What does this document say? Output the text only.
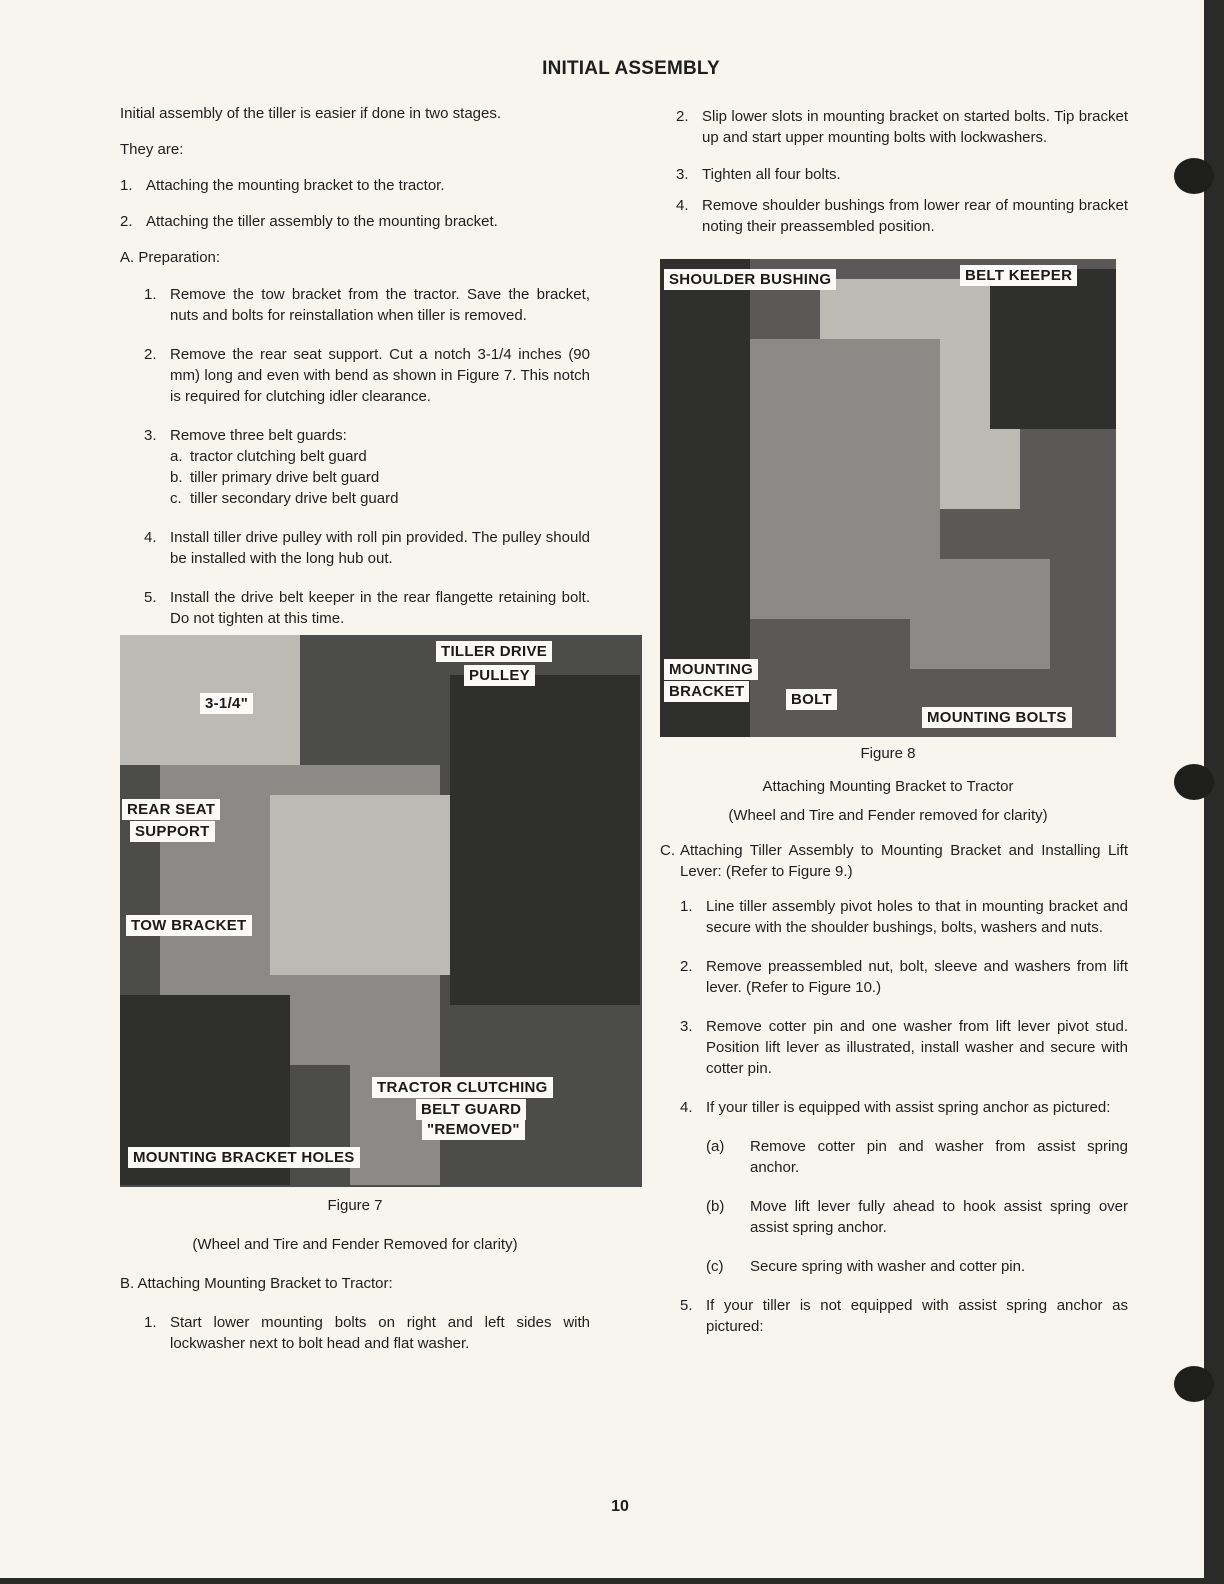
INITIAL ASSEMBLY

Initial assembly of the tiller is easier if done in two stages.

They are:

1. Attaching the mounting bracket to the tractor.
2. Attaching the tiller assembly to the mounting bracket.

A. Preparation:

1. Remove the tow bracket from the tractor. Save the bracket, nuts and bolts for reinstallation when tiller is removed.
2. Remove the rear seat support. Cut a notch 3-1/4 inches (90 mm) long and even with bend as shown in Figure 7. This notch is required for clutching idler clearance.
3. Remove three belt guards:
a. tractor clutching belt guard
b. tiller primary drive belt guard
c. tiller secondary drive belt guard
4. Install tiller drive pulley with roll pin provided. The pulley should be installed with the long hub out.
5. Install the drive belt keeper in the rear flangette retaining bolt. Do not tighten at this time.
TILLER DRIVE
PULLEY
3-1/4"
REAR SEAT
SUPPORT
TOW BRACKET
TRACTOR CLUTCHING
BELT GUARD
"REMOVED"
MOUNTING BRACKET HOLES

Figure 7

(Wheel and Tire and Fender Removed for clarity)

B. Attaching Mounting Bracket to Tractor:

1. Start lower mounting bolts on right and left sides with lockwasher next to bolt head and flat washer.
2. Slip lower slots in mounting bracket on started bolts. Tip bracket up and start upper mounting bolts with lockwashers.
3. Tighten all four bolts.
4. Remove shoulder bushings from lower rear of mounting bracket noting their preassembled position.
SHOULDER BUSHING	BELT KEEPER
MOUNTING
BRACKET	BOLT
MOUNTING BOLTS

Figure 8

Attaching Mounting Bracket to Tractor

(Wheel and Tire and Fender removed for clarity)

C. Attaching Tiller Assembly to Mounting Bracket and Installing Lift Lever: (Refer to Figure 9.)
1. Line tiller assembly pivot holes to that in mounting bracket and secure with the shoulder bushings, bolts, washers and nuts.
2. Remove preassembled nut, bolt, sleeve and washers from lift lever. (Refer to Figure 10.)
3. Remove cotter pin and one washer from lift lever pivot stud. Position lift lever as illustrated, install washer and secure with cotter pin.
4. If your tiller is equipped with assist spring anchor as pictured:
(a)	Remove cotter pin and washer from assist spring anchor.
(b)	Move lift lever fully ahead to hook assist spring over assist spring anchor.
(c)	Secure spring with washer and cotter pin.
5. If your tiller is not equipped with assist spring anchor as pictured:
10
